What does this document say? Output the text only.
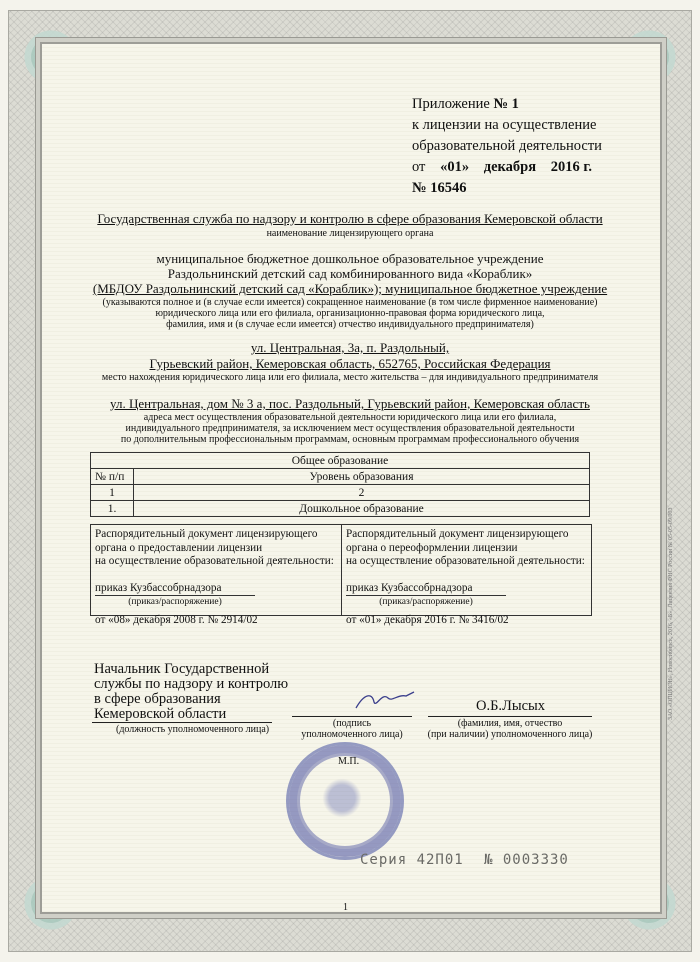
Приложение № 1
к лицензии на осуществление
образовательной деятельности
от «01» декабря 2016 г.
№ 16546
Государственная служба по надзору и контролю в сфере образования Кемеровской области
наименование лицензирующего органа
муниципальное бюджетное дошкольное образовательное учреждение
Раздольнинский детский сад комбинированного вида «Кораблик»
(МБДОУ Раздольнинский детский сад «Кораблик»); муниципальное бюджетное учреждение
(указываются полное и (в случае если имеется) сокращенное наименование (в том числе фирменное наименование)
юридического лица или его филиала, организационно-правовая форма юридического лица,
фамилия, имя и (в случае если имеется) отчество индивидуального предпринимателя)
ул. Центральная, 3а, п. Раздольный,
Гурьевский район, Кемеровская область, 652765, Российская Федерация
место нахождения юридического лица или его филиала, место жительства – для индивидуального предпринимателя
ул. Центральная, дом № 3 а, пос. Раздольный, Гурьевский район, Кемеровская область
адреса мест осуществления образовательной деятельности юридического лица или его филиала,
индивидуального предпринимателя, за исключением мест осуществления образовательной деятельности
по дополнительным профессиональным программам, основным программам профессионального обучения
Общее образование	
№ п/п	Уровень образования
1	2
1.	Дошкольное образование
Распорядительный документ лицензирующего
органа о предоставлении лицензии
на осуществление образовательной деятельности:
приказ Кузбассобрнадзора
(приказ/распоряжение)
от «08» декабря 2008 г. № 2914/02
Распорядительный документ лицензирующего
органа о переоформлении лицензии
на осуществление образовательной деятельности:
приказ Кузбассобрнадзора
(приказ/распоряжение)
от «01» декабря 2016 г. № 3416/02
Начальник Государственной
службы по надзору и контролю
в сфере образования
Кемеровской области
(должность уполномоченного лица)
(подпись
уполномоченного лица)
О.Б.Лысых
(фамилия, имя, отчество
(при наличии) уполномоченного лица)
М.П.
Серия 42П01 № 0003330
1
ЗАО «ОПЦИОН», Новосибирск, 2016, «Б», Лицензия ФНС России № 05-05-09/003
